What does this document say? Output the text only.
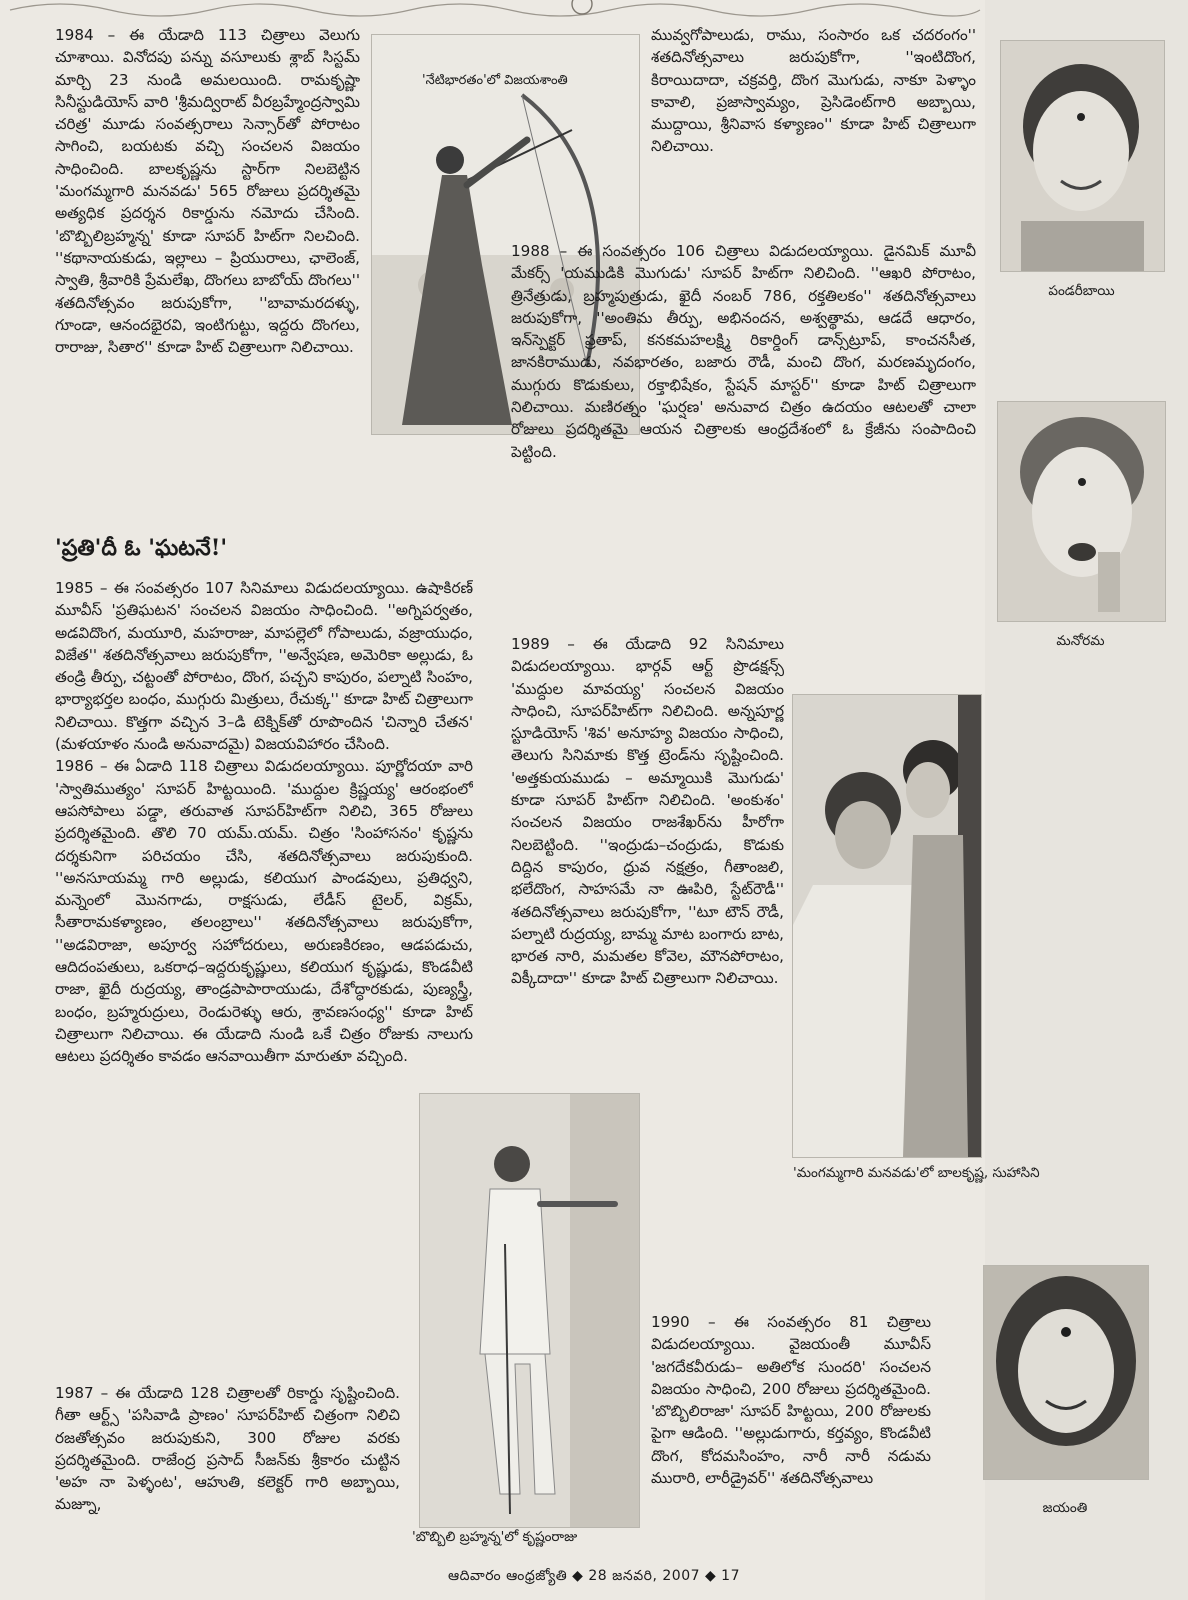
1984 – ఈ యేడాది 113 చిత్రాలు వెలుగు చూశాయి. వినోదపు పన్ను వసూలుకు శ్లాబ్ సిస్టమ్ మార్చి 23 నుండి అమలయింది. రామకృష్ణా సినీస్టుడియోస్ వారి 'శ్రీమద్విరాట్ వీరబ్రహ్మేంద్రస్వామి చరిత్ర' మూడు సంవత్సరాలు సెన్సార్‌తో పోరాటం సాగించి, బయటకు వచ్చి సంచలన విజయం సాధించింది. బాలకృష్ణను స్టార్‌గా నిలబెట్టిన 'మంగమ్మగారి మనవడు' 565 రోజులు ప్రదర్శితమై అత్యధిక ప్రదర్శన రికార్డును నమోదు చేసింది. 'బొబ్బిలిబ్రహ్మన్న' కూడా సూపర్ హిట్‌గా నిలచింది. ''కథానాయకుడు, ఇల్లాలు – ప్రియురాలు, ఛాలెంజ్, స్వాతి, శ్రీవారికి ప్రేమలేఖ, దొంగలు బాబోయ్ దొంగలు'' శతదినోత్సవం జరుపుకోగా, ''బావామరదళ్ళు, గూండా, ఆనందభైరవి, ఇంటిగుట్టు, ఇద్దరు దొంగలు, రారాజు, సితార'' కూడా హిట్ చిత్రాలుగా నిలిచాయి.

'నేటిభారతం'లో విజయశాంతి
'ప్రతి'దీ ఓ 'ఘటనే!'

1985 – ఈ సంవత్సరం 107 సినిమాలు విడుదలయ్యాయి. ఉషాకిరణ్ మూవీస్ 'ప్రతిఘటన' సంచలన విజయం సాధించింది. ''అగ్నిపర్వతం, అడవిదొంగ, మయూరి, మహరాజు, మాపల్లెలో గోపాలుడు, వజ్రాయుధం, విజేత'' శతదినోత్సవాలు జరుపుకోగా, ''అన్వేషణ, అమెరికా అల్లుడు, ఓ తండ్రి తీర్పు, చట్టంతో పోరాటం, దొంగ, పచ్చని కాపురం, పల్నాటి సింహం, భార్యాభర్తల బంధం, ముగ్గురు మిత్రులు, రేచుక్క'' కూడా హిట్ చిత్రాలుగా నిలిచాయి. కొత్తగా వచ్చిన 3–డి టెక్నిక్‌తో రూపొందిన 'చిన్నారి చేతన' (మళయాళం నుండి అనువాదమై) విజయవిహారం చేసింది.

1986 – ఈ ఏడాది 118 చిత్రాలు విడుదలయ్యాయి. పూర్ణోదయా వారి 'స్వాతిముత్యం' సూపర్ హిట్టయింది. 'ముద్దుల క్రిష్ణయ్య' ఆరంభంలో ఆపసోపాలు పడ్డా, తరువాత సూపర్‌హిట్‌గా నిలిచి, 365 రోజులు ప్రదర్శితమైంది. తొలి 70 యమ్.యమ్. చిత్రం 'సింహాసనం' కృష్ణను దర్శకునిగా పరిచయం చేసి, శతదినోత్సవాలు జరుపుకుంది. ''అనసూయమ్మ గారి అల్లుడు, కలియుగ పాండవులు, ప్రతిధ్వని, మన్నెంలో మొనగాడు, రాక్షసుడు, లేడీస్ టైలర్, విక్రమ్, సీతారామకళ్యాణం, తలంబ్రాలు'' శతదినోత్సవాలు జరుపుకోగా, ''అడవిరాజా, అపూర్వ సహోదరులు, అరుణకిరణం, ఆడపడుచు, ఆదిదంపతులు, ఒకరాధ–ఇద్దరుకృష్ణులు, కలియుగ కృష్ణుడు, కొండవీటి రాజా, ఖైదీ రుద్రయ్య, తాండ్రపాపారాయుడు, దేశోద్ధారకుడు, పుణ్యస్త్రీ, బంధం, బ్రహ్మరుద్రులు, రెండురెళ్ళు ఆరు, శ్రావణసంధ్య'' కూడా హిట్ చిత్రాలుగా నిలిచాయి. ఈ యేడాది నుండి ఒకే చిత్రం రోజుకు నాలుగు ఆటలు ప్రదర్శితం కావడం ఆనవాయితీగా మారుతూ వచ్చింది.

1987 – ఈ యేడాది 128 చిత్రాలతో రికార్డు సృష్టించింది. గీతా ఆర్ట్స్ 'పసివాడి ప్రాణం' సూపర్‌హిట్ చిత్రంగా నిలిచి రజతోత్సవం జరుపుకుని, 300 రోజుల వరకు ప్రదర్శితమైంది. రాజేంద్ర ప్రసాద్ సీజన్‌కు శ్రీకారం చుట్టిన 'అహ నా పెళ్ళంట', ఆహుతి, కలెక్టర్ గారి అబ్బాయి, మజ్నూ,

'బొబ్బిలి బ్రహ్మన్న'లో కృష్ణంరాజు

మువ్వగోపాలుడు, రాము, సంసారం ఒక చదరంగం'' శతదినోత్సవాలు జరుపుకోగా, ''ఇంటిదొంగ, కిరాయిదాదా, చక్రవర్తి, దొంగ మొగుడు, నాకూ పెళ్ళాం కావాలి, ప్రజాస్వామ్యం, ప్రెసిడెంట్‌గారి అబ్బాయి, ముద్దాయి, శ్రీనివాస కళ్యాణం'' కూడా హిట్ చిత్రాలుగా నిలిచాయి.

1988 – ఈ సంవత్సరం 106 చిత్రాలు విడుదలయ్యాయి. డైనమిక్ మూవీ మేకర్స్ 'యముడికి మొగుడు' సూపర్ హిట్‌గా నిలిచింది. ''ఆఖరి పోరాటం, త్రినేత్రుడు, బ్రహ్మపుత్రుడు, ఖైదీ నంబర్ 786, రక్తతిలకం'' శతదినోత్సవాలు జరుపుకోగా, ''అంతిమ తీర్పు, అభినందన, అశ్వత్థామ, ఆడదే ఆధారం, ఇన్‌స్పెక్టర్ ప్రతాప్, కనకమహలక్ష్మి రికార్డింగ్ డాన్స్‌ట్రూప్, కాంచనసీత, జానకిరాముడు, నవభారతం, బజారు రౌడీ, మంచి దొంగ, మరణమృదంగం, ముగ్గురు కొడుకులు, రక్తాభిషేకం, స్టేషన్ మాస్టర్'' కూడా హిట్ చిత్రాలుగా నిలిచాయి. మణిరత్నం 'ఘర్షణ' అనువాద చిత్రం ఉదయం ఆటలతో చాలా రోజులు ప్రదర్శితమై ఆయన చిత్రాలకు ఆంధ్రదేశంలో ఓ క్రేజీను సంపాదించి పెట్టింది.

1989 – ఈ యేడాది 92 సినిమాలు విడుదలయ్యాయి. భార్గవ్ ఆర్ట్ ప్రొడక్షన్స్ 'ముద్దుల మావయ్య' సంచలన విజయం సాధించి, సూపర్‌హిట్‌గా నిలిచింది. అన్నపూర్ణ స్టూడియోస్ 'శివ' అనూహ్య విజయం సాధించి, తెలుగు సినిమాకు కొత్త ట్రెండ్‌ను సృష్టించింది. 'అత్తకుయముడు – అమ్మాయికి మొగుడు' కూడా సూపర్ హిట్‌గా నిలిచింది. 'అంకుశం' సంచలన విజయం రాజశేఖర్‌ను హీరోగా నిలబెట్టింది. ''ఇంద్రుడు–చంద్రుడు, కొడుకు దిద్దిన కాపురం, ధ్రువ నక్షత్రం, గీతాంజలి, భలేదొంగ, సాహసమే నా ఊపిరి, స్టేట్‌రౌడీ'' శతదినోత్సవాలు జరుపుకోగా, ''టూ టౌన్ రౌడీ, పల్నాటి రుద్రయ్య, బామ్మ మాట బంగారు బాట, భారత నారి, మమతల కోవెల, మౌనపోరాటం, విక్కీదాదా'' కూడా హిట్ చిత్రాలుగా నిలిచాయి.

1990 – ఈ సంవత్సరం 81 చిత్రాలు విడుదలయ్యాయి. వైజయంతీ మూవీస్ 'జగదేకవీరుడు– అతిలోక సుందరి' సంచలన విజయం సాధించి, 200 రోజులు ప్రదర్శితమైంది. 'బొబ్బిలిరాజా' సూపర్ హిట్టయి, 200 రోజులకు పైగా ఆడింది. ''అల్లుడుగారు, కర్తవ్యం, కొండవీటి దొంగ, కోదమసింహం, నారీ నారీ నడుమ మురారి, లారీడ్రైవర్'' శతదినోత్సవాలు

'మంగమ్మగారి మనవడు'లో బాలకృష్ణ, సుహాసిని
పండరీబాయి
మనోరమ
జయంతి
ఆదివారం ఆంధ్రజ్యోతి ◆ 28 జనవరి, 2007 ◆ 17
